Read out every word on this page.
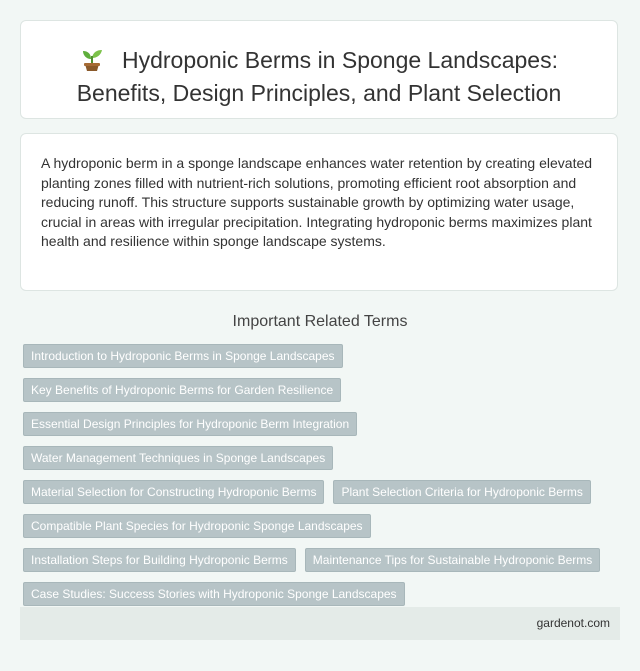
Hydroponic Berms in Sponge Landscapes:
Benefits, Design Principles, and Plant Selection

A hydroponic berm in a sponge landscape enhances water retention by creating elevated planting zones filled with nutrient-rich solutions, promoting efficient root absorption and reducing runoff. This structure supports sustainable growth by optimizing water usage, crucial in areas with irregular precipitation. Integrating hydroponic berms maximizes plant health and resilience within sponge landscape systems.

Important Related Terms
Introduction to Hydroponic Berms in Sponge Landscapes
Key Benefits of Hydroponic Berms for Garden Resilience
Essential Design Principles for Hydroponic Berm Integration
Water Management Techniques in Sponge Landscapes
Material Selection for Constructing Hydroponic Berms	Plant Selection Criteria for Hydroponic Berms
Compatible Plant Species for Hydroponic Sponge Landscapes
Installation Steps for Building Hydroponic Berms	Maintenance Tips for Sustainable Hydroponic Berms
Case Studies: Success Stories with Hydroponic Sponge Landscapes
gardenot.com
